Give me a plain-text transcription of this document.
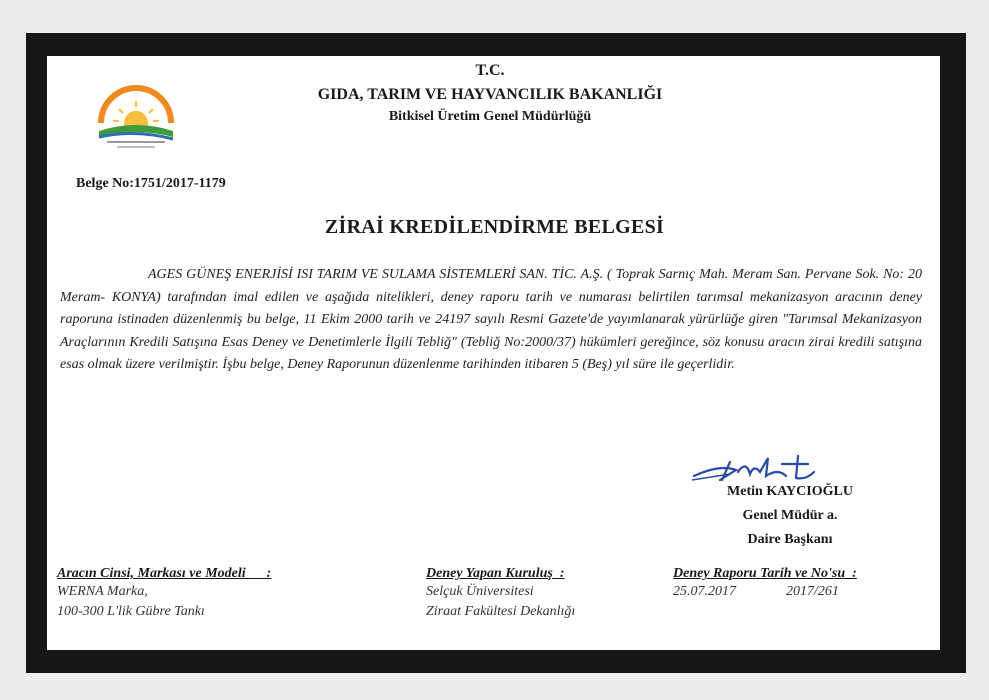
T.C.
GIDA, TARIM VE HAYVANCILIK BAKANLIĞI
Bitkisel Üretim Genel Müdürlüğü
Belge No:1751/2017-1179
ZİRAİ KREDİLENDİRME BELGESİ
AGES GÜNEŞ ENERJİSİ ISI TARIM VE SULAMA SİSTEMLERİ SAN. TİC. A.Ş. ( Toprak Sarnıç Mah. Meram San. Pervane Sok. No: 20 Meram- KONYA) tarafından imal edilen ve aşağıda nitelikleri, deney raporu tarih ve numarası belirtilen tarımsal mekanizasyon aracının deney raporuna istinaden düzenlenmiş bu belge, 11 Ekim 2000 tarih ve 24197 sayılı Resmi Gazete'de yayımlanarak yürürlüğe giren "Tarımsal Mekanizasyon Araçlarının Kredili Satışına Esas Deney ve Denetimlerle İlgili Tebliğ" (Tebliğ No:2000/37) hükümleri gereğince, söz konusu aracın zirai kredili satışına esas olmak üzere verilmiştir. İşbu belge, Deney Raporunun düzenlenme tarihinden itibaren 5 (Beş) yıl süre ile geçerlidir.
Metin KAYCIOĞLU
Genel Müdür a.
Daire Başkanı
Aracın Cinsi, Markası ve Modeli      :
WERNA Marka,
100-300 L'lik Gübre Tankı
Deney Yapan Kuruluş  :
Selçuk Üniversitesi
Ziraat Fakültesi Dekanlığı
Deney Raporu Tarih ve No'su  :
25.07.2017	2017/261
